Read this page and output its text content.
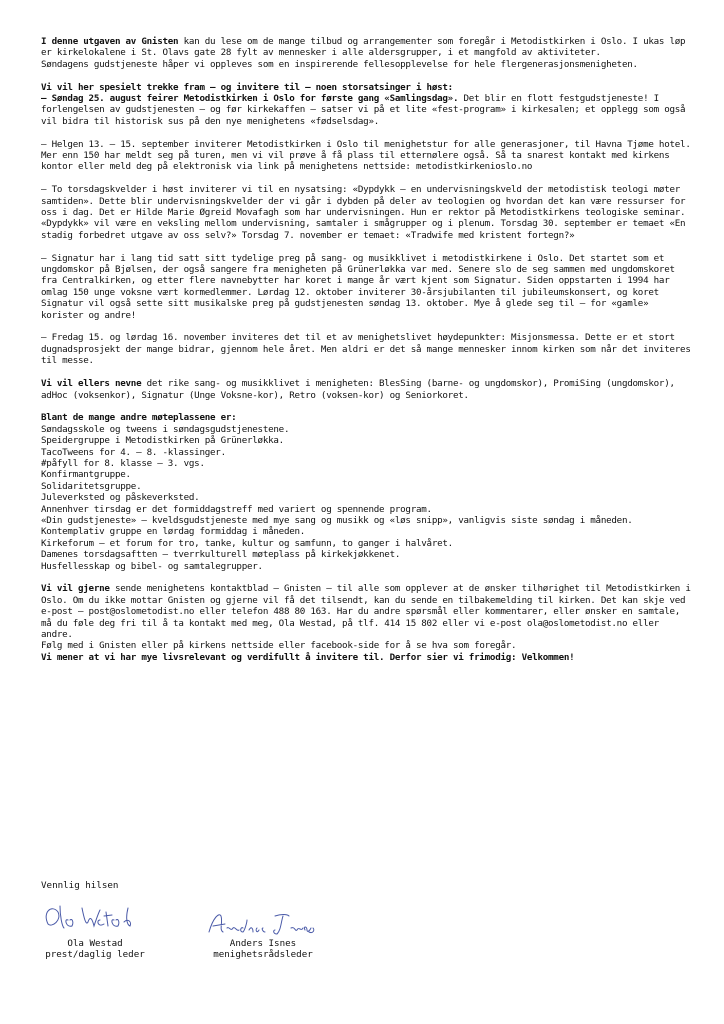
I denne utgaven av Gnisten kan du lese om de mange tilbud og arrangementer som foregår i Metodistkirken i Oslo. I ukas løp er kirkelokalene i St. Olavs gate 28 fylt av mennesker i alle aldersgrupper, i et mangfold av aktiviteter.
Søndagens gudstjeneste håper vi oppleves som en inspirerende fellesopplevelse for hele flergenerasjonsmenigheten.

Vi vil her spesielt trekke fram – og invitere til – noen storsatsinger i høst:

– Søndag 25. august feirer Metodistkirken i Oslo for første gang «Samlingsdag». Det blir en flott festgudstjeneste! I forlengelsen av gudstjenesten – og før kirkekaffen – satser vi på et lite «fest-program» i kirkesalen; et opplegg som også vil bidra til historisk sus på den nye menighetens «fødselsdag».

– Helgen 13. – 15. september inviterer Metodistkirken i Oslo til menighetstur for alle generasjoner, til Havna Tjøme hotel. Mer enn 150 har meldt seg på turen, men vi vil prøve å få plass til etternølere også. Så ta snarest kontakt med kirkens kontor eller meld deg på elektronisk via link på menighetens nettside: metodistkirkenioslo.no

– To torsdagskvelder i høst inviterer vi til en nysatsing: «Dypdykk – en undervisningskveld der metodistisk teologi møter samtiden». Dette blir undervisningskvelder der vi går i dybden på deler av teologien og hvordan det kan være ressurser for oss i dag. Det er Hilde Marie Øgreid Movafagh som har undervisningen. Hun er rektor på Metodistkirkens teologiske seminar. «Dypdykk» vil være en veksling mellom undervisning, samtaler i smågrupper og i plenum. Torsdag 30. september er temaet «En stadig forbedret utgave av oss selv?» Torsdag 7. november er temaet: «Tradwife med kristent fortegn?»

– Signatur har i lang tid satt sitt tydelige preg på sang- og musikklivet i metodistkirkene i Oslo. Det startet som et ungdomskor på Bjølsen, der også sangere fra menigheten på Grünerløkka var med. Senere slo de seg sammen med ungdomskoret fra Centralkirken, og etter flere navnebytter har koret i mange år vært kjent som Signatur. Siden oppstarten i 1994 har omlag 150 unge voksne vært kormedlemmer. Lørdag 12. oktober inviterer 30-årsjubilanten til jubileumskonsert, og koret Signatur vil også sette sitt musikalske preg på gudstjenesten søndag 13. oktober. Mye å glede seg til – for «gamle» korister og andre!

– Fredag 15. og lørdag 16. november inviteres det til et av menighetslivet høydepunkter: Misjonsmessa. Dette er et stort dugnadsprosjekt der mange bidrar, gjennom hele året. Men aldri er det så mange mennesker innom kirken som når det inviteres til messe.

Vi vil ellers nevne det rike sang- og musikklivet i menigheten: BlesSing (barne- og ungdomskor), PromiSing (ungdomskor), adHoc (voksenkor), Signatur (Unge Voksne-kor), Retro (voksen-kor) og Seniorkoret.

Blant de mange andre møteplassene er:
Søndagsskole og tweens i søndagsgudstjenestene.
Speidergruppe i Metodistkirken på Grünerløkka.
TacoTweens for 4. – 8. -klassinger.
#påfyll for 8. klasse – 3. vgs.
Konfirmantgruppe.
Solidaritetsgruppe.
Juleverksted og påskeverksted.
Annenhver tirsdag er det formiddagstreff med variert og spennende program.
«Din gudstjeneste» – kveldsgudstjeneste med mye sang og musikk og «løs snipp», vanligvis siste søndag i måneden.
Kontemplativ gruppe en lørdag formiddag i måneden.
Kirkeforum – et forum for tro, tanke, kultur og samfunn, to ganger i halvåret.
Damenes torsdagsaftten – tverrkulturell møteplass på kirkekjøkkenet.
Husfellesskap og bibel- og samtalegrupper.
Vi vil gjerne sende menighetens kontaktblad – Gnisten – til alle som opplever at de ønsker tilhørighet til Metodistkirken i Oslo. Om du ikke mottar Gnisten og gjerne vil få det tilsendt, kan du sende en tilbakemelding til kirken. Det kan skje ved e-post – post@oslometodist.no eller telefon 488 80 163. Har du andre spørsmål eller kommentarer, eller ønsker en samtale, må du føle deg fri til å ta kontakt med meg, Ola Westad, på tlf. 414 15 802 eller vi e-post ola@oslometodist.no eller andre.
Følg med i Gnisten eller på kirkens nettside eller facebook-side for å se hva som foregår.
Vi mener at vi har mye livsrelevant og verdifullt å invitere til. Derfor sier vi frimodig: Velkommen!
Vennlig hilsen
Ola Westad
prest/daglig leder
Anders Isnes
menighetsrådsleder
